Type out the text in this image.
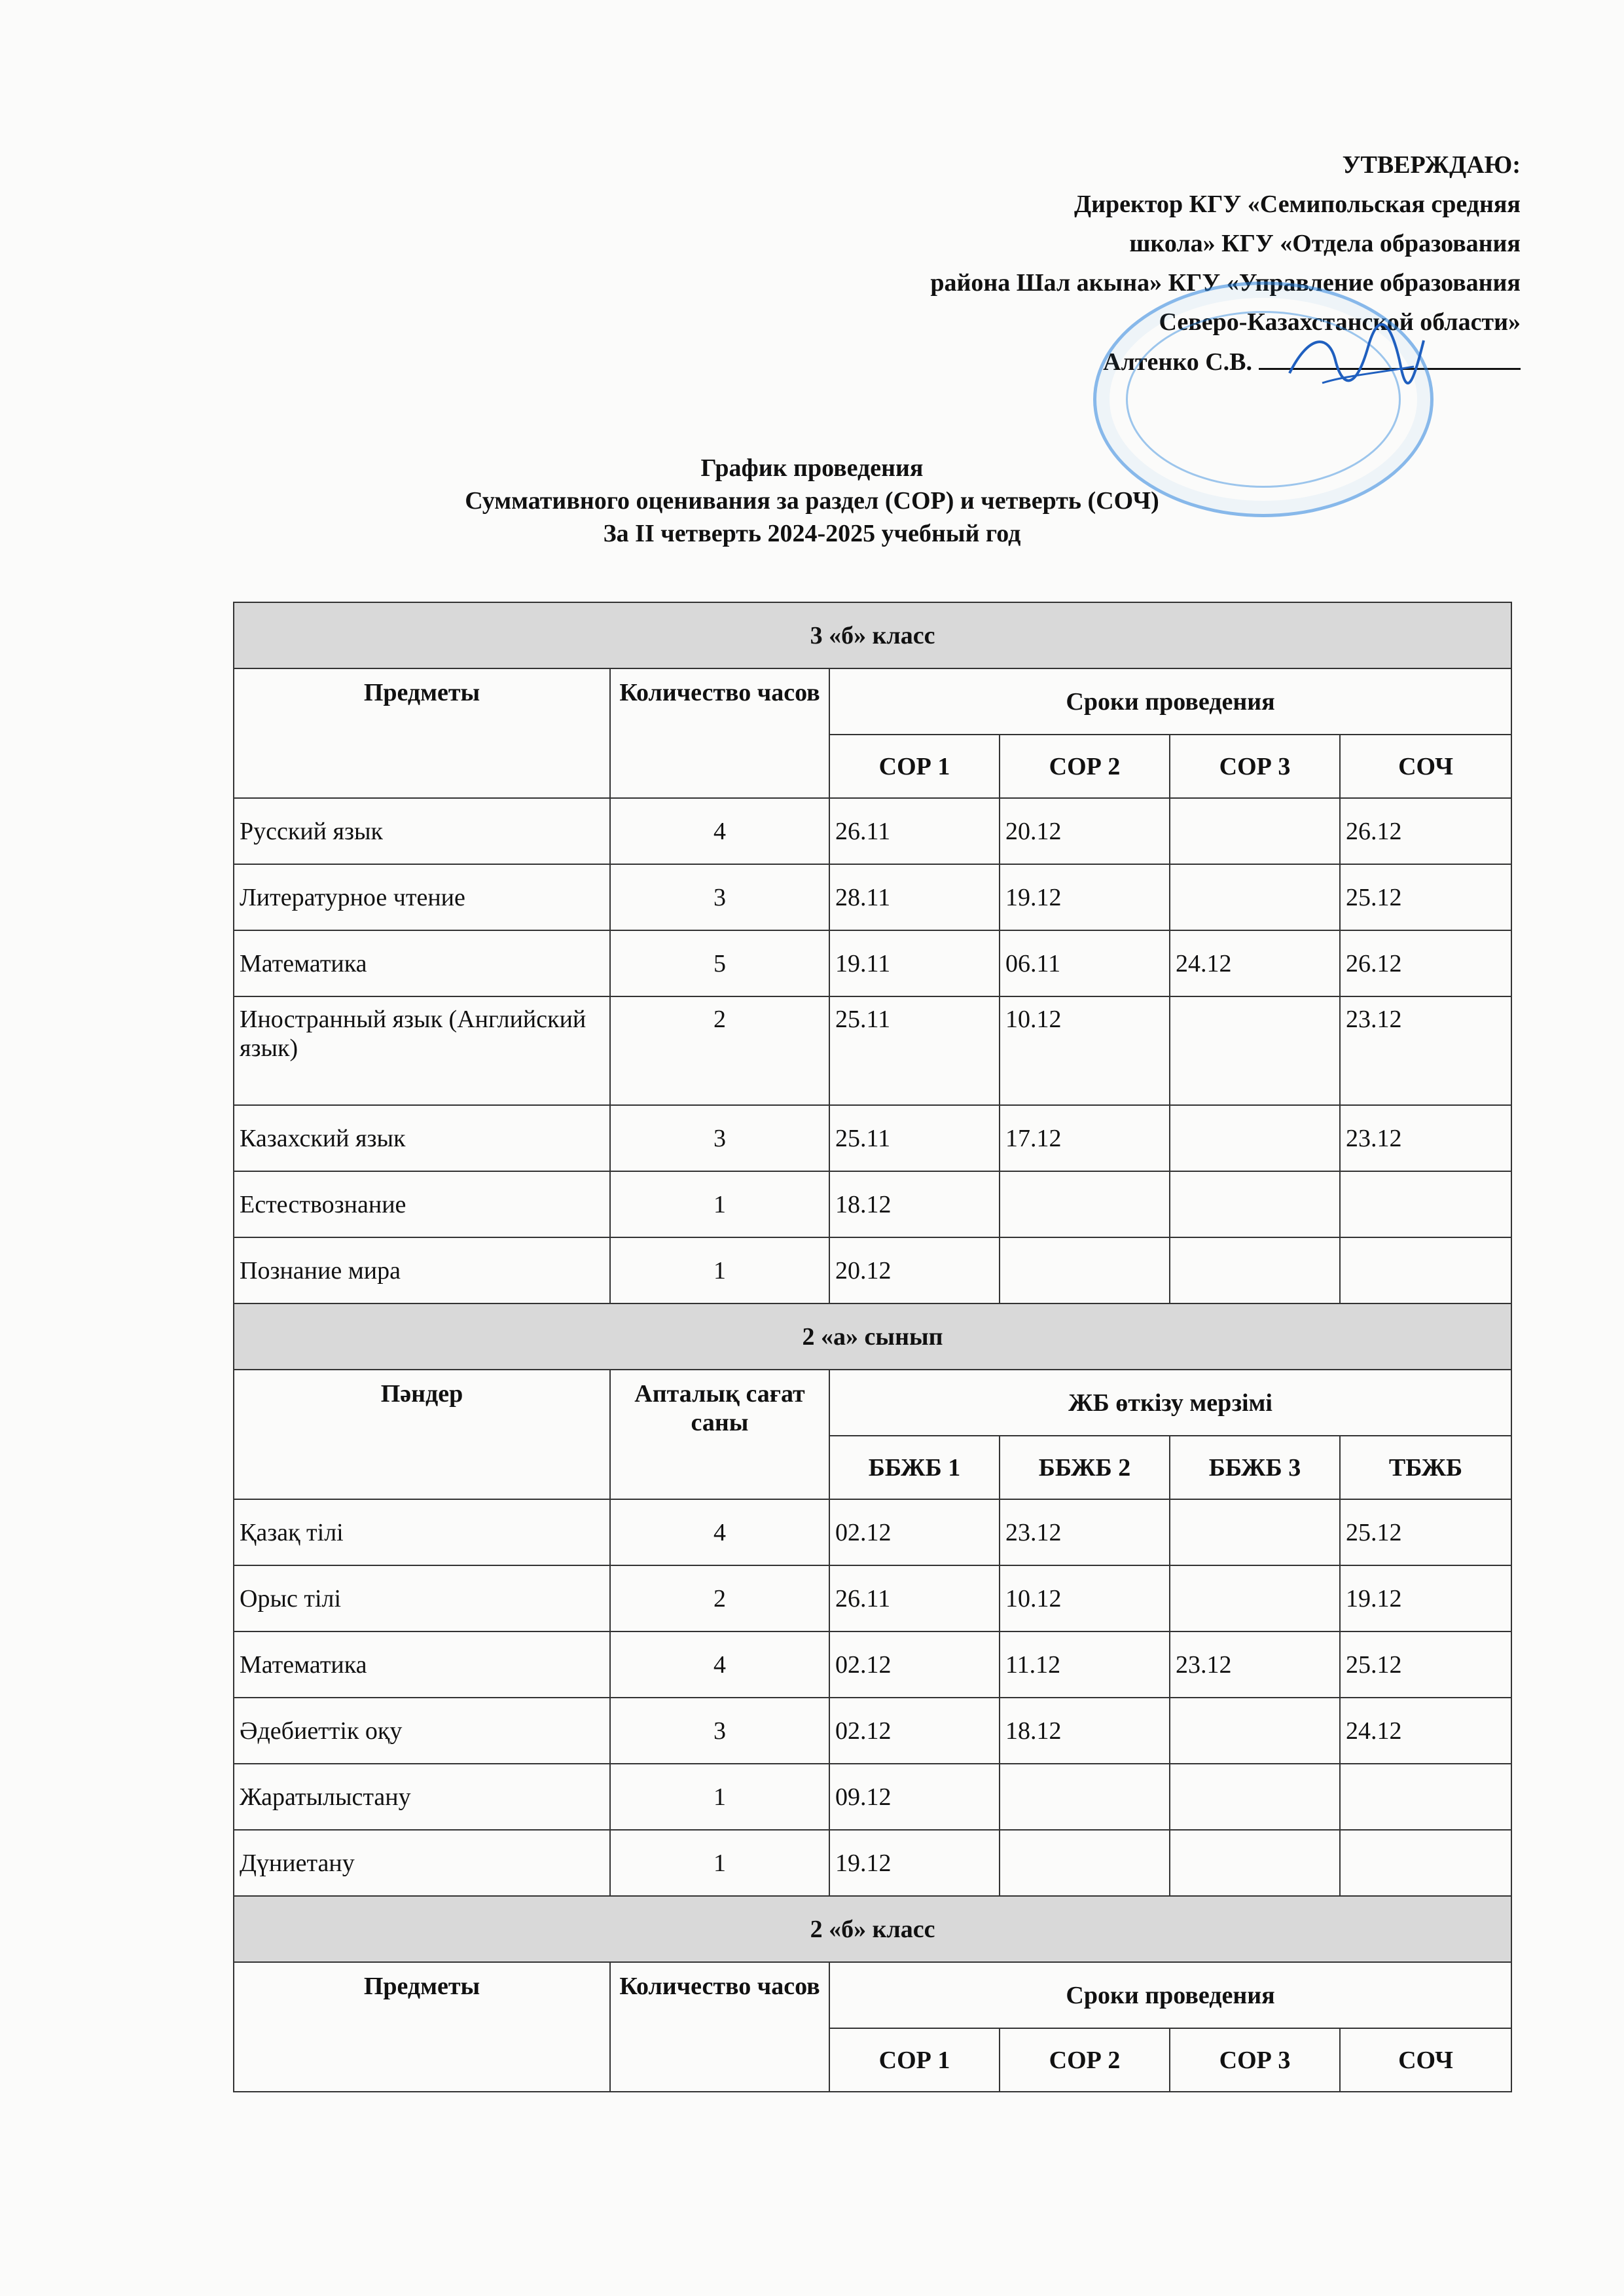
УТВЕРЖДАЮ:
Директор КГУ «Семипольская средняя
школа» КГУ «Отдела образования
района Шал акына» КГУ «Управление образования
Северо-Казахстанской области»
Алтенко С.В.
График проведения
Суммативного оценивания за раздел (СОР) и четверть (СОЧ)
За II четверть 2024-2025 учебный год
3 «б» класс					
Предметы	Количество часов	Сроки проведения			
		СОР 1	СОР 2	СОР 3	СОЧ
Русский язык	4	26.11	20.12		26.12
Литературное чтение	3	28.11	19.12		25.12
Математика	5	19.11	06.11	24.12	26.12
Иностранный язык (Английский язык)	2	25.11	10.12		23.12
Казахский язык	3	25.11	17.12		23.12
Естествознание	1	18.12			
Познание мира	1	20.12			
2 «а» сынып					
Пәндер	Апталық сағат саны	ЖБ өткізу мерзімі			
		ББЖБ 1	ББЖБ 2	ББЖБ 3	ТБЖБ
Қазақ тілі	4	02.12	23.12		25.12
Орыс тілі	2	26.11	10.12		19.12
Математика	4	02.12	11.12	23.12	25.12
Әдебиеттік оқу	3	02.12	18.12		24.12
Жаратылыстану	1	09.12			
Дүниетану	1	19.12			
2 «б» класс					
Предметы	Количество часов	Сроки проведения			
		СОР 1	СОР 2	СОР 3	СОЧ
